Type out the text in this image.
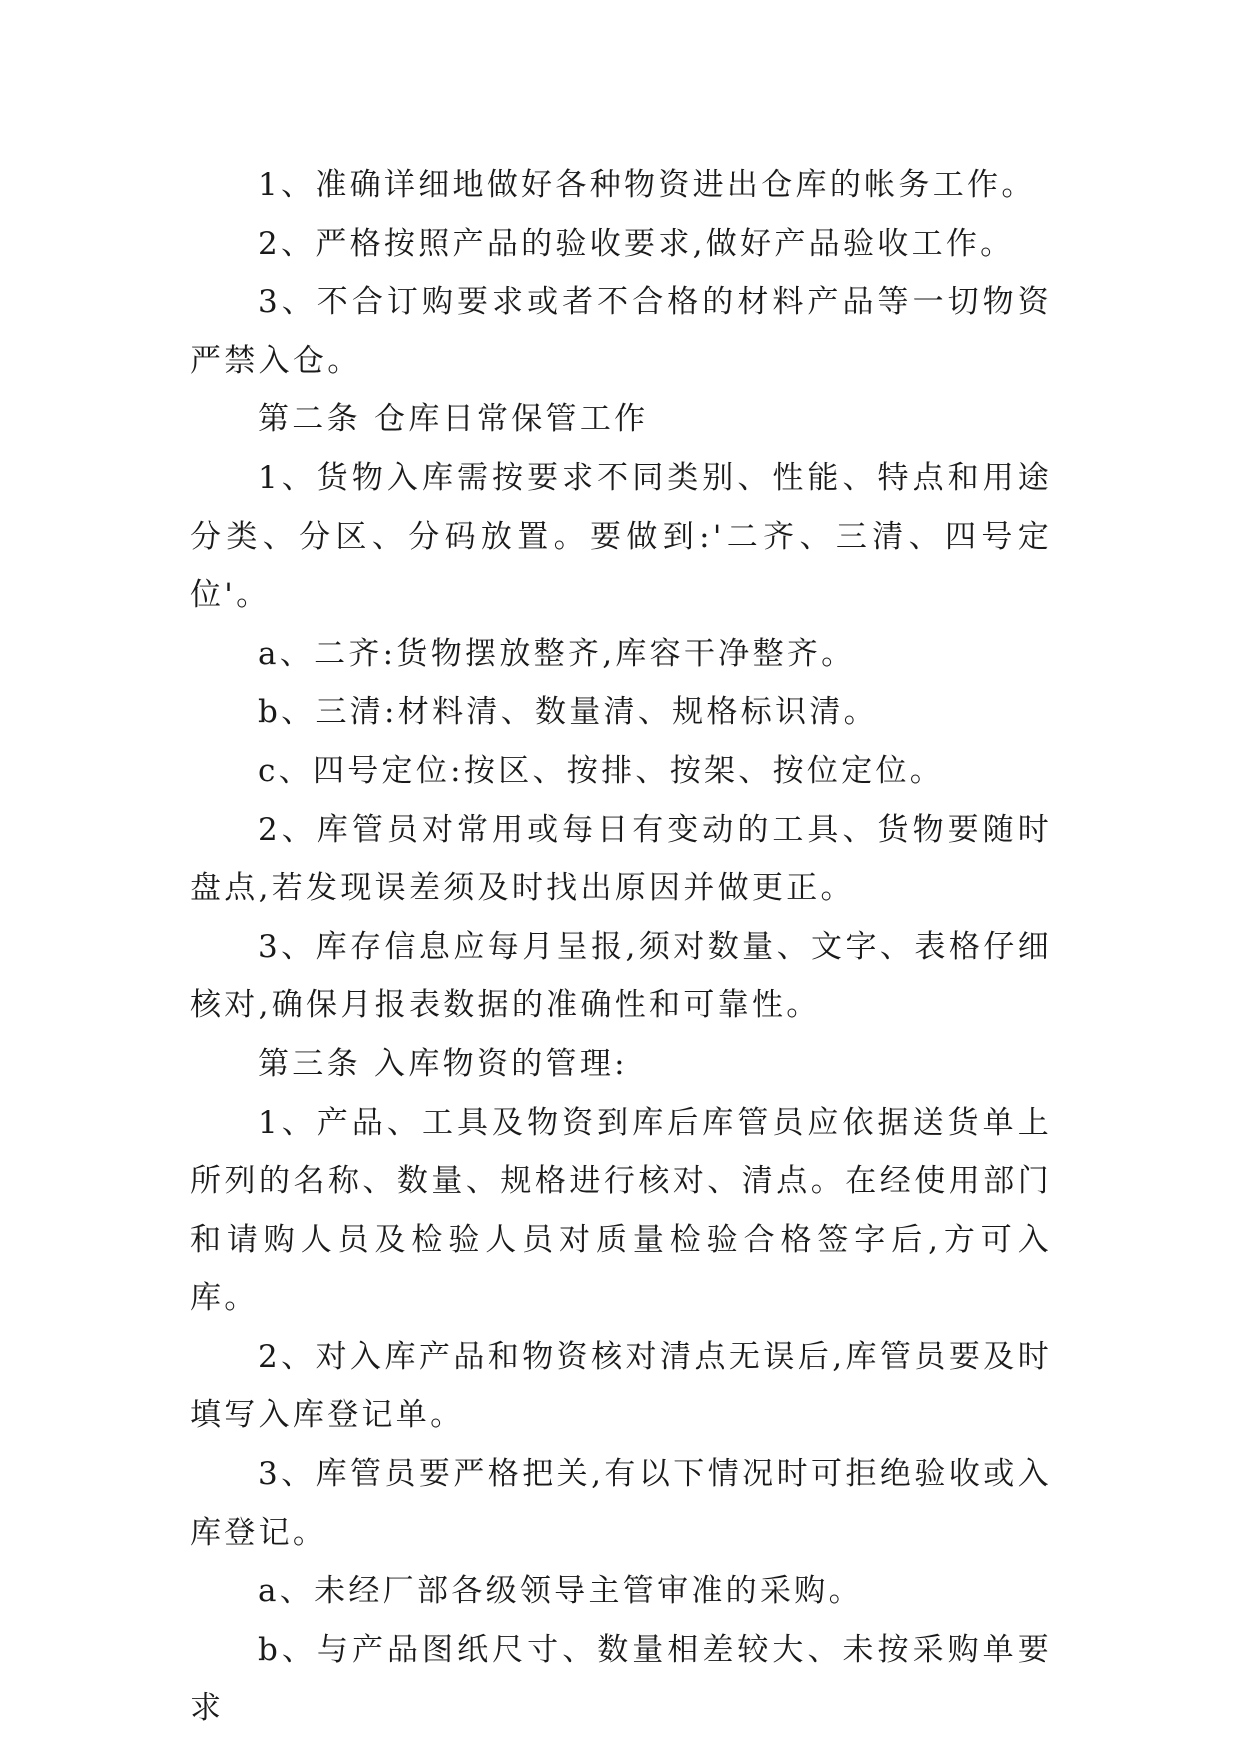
1、准确详细地做好各种物资进出仓库的帐务工作。

2、严格按照产品的验收要求,做好产品验收工作。

3、不合订购要求或者不合格的材料产品等一切物资严禁入仓。

第二条 仓库日常保管工作

1、货物入库需按要求不同类别、性能、特点和用途分类、分区、分码放置。要做到:'二齐、三清、四号定位'。

a、二齐:货物摆放整齐,库容干净整齐。

b、三清:材料清、数量清、规格标识清。

c、四号定位:按区、按排、按架、按位定位。

2、库管员对常用或每日有变动的工具、货物要随时盘点,若发现误差须及时找出原因并做更正。

3、库存信息应每月呈报,须对数量、文字、表格仔细核对,确保月报表数据的准确性和可靠性。

第三条 入库物资的管理:

1、产品、工具及物资到库后库管员应依据送货单上所列的名称、数量、规格进行核对、清点。在经使用部门和请购人员及检验人员对质量检验合格签字后,方可入库。

2、对入库产品和物资核对清点无误后,库管员要及时填写入库登记单。

3、库管员要严格把关,有以下情况时可拒绝验收或入库登记。

a、未经厂部各级领导主管审准的采购。

b、与产品图纸尺寸、数量相差较大、未按采购单要求
